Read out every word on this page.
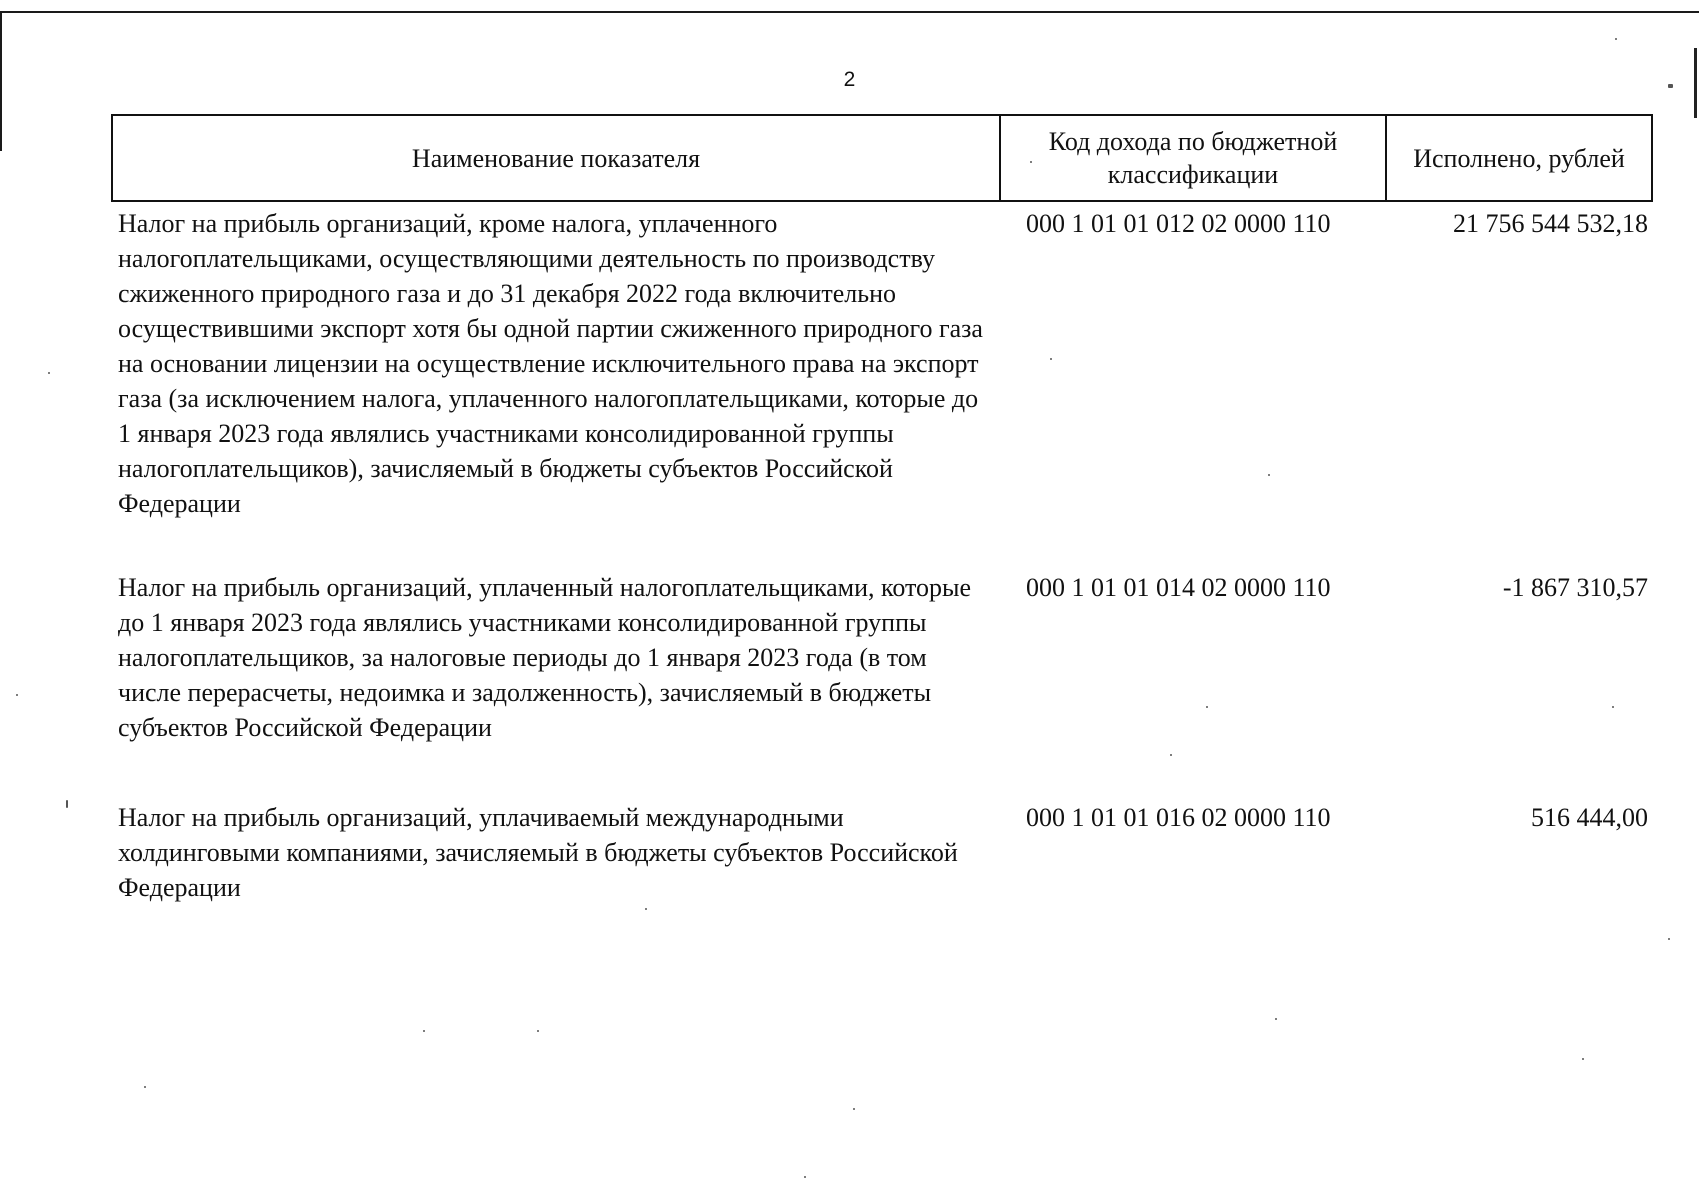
2
Наименование показателя	Код дохода по бюджетной классификации	Исполнено, рублей
Налог на прибыль организаций, кроме налога, уплаченного налогоплательщиками, осуществляющими деятельность по производству сжиженного природного газа и до 31 декабря 2022 года включительно осуществившими экспорт хотя бы одной партии сжиженного природного газа на основании лицензии на осуществление исключительного права на экспорт газа (за исключением налога, уплаченного налогоплательщиками, которые до 1 января 2023 года являлись участниками консолидированной группы налогоплательщиков), зачисляемый в бюджеты субъектов Российской Федерации	000 1 01 01 012 02 0000 110	21 756 544 532,18
Налог на прибыль организаций, уплаченный налогоплательщиками, которые до 1 января 2023 года являлись участниками консолидированной группы налогоплательщиков, за налоговые периоды до 1 января 2023 года (в том числе перерасчеты, недоимка и задолженность), зачисляемый в бюджеты субъектов Российской Федерации	000 1 01 01 014 02 0000 110	-1 867 310,57
Налог на прибыль организаций, уплачиваемый международными холдинговыми компаниями, зачисляемый в бюджеты субъектов Российской Федерации	000 1 01 01 016 02 0000 110	516 444,00
